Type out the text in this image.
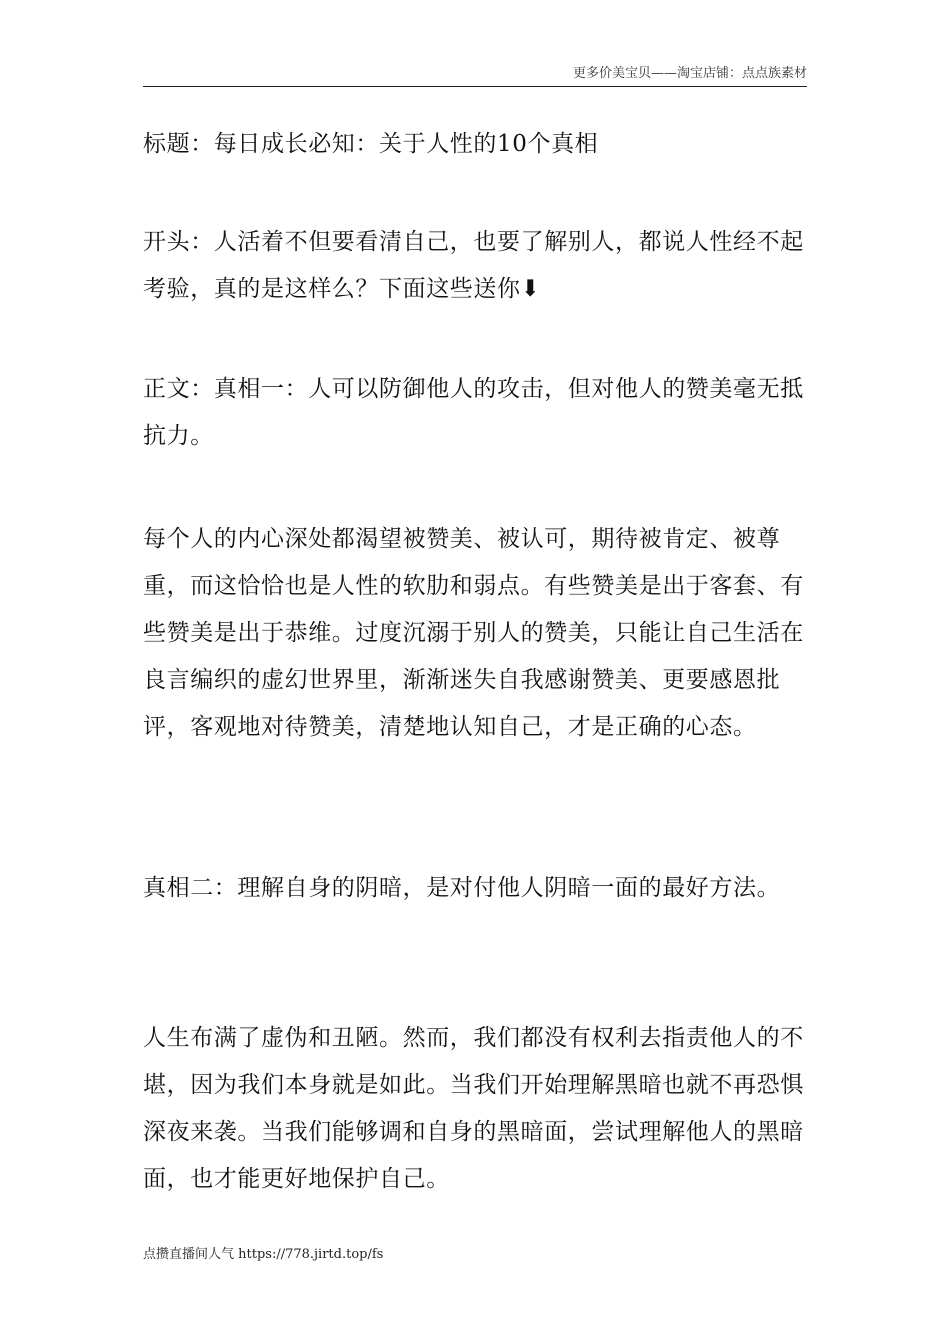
更多价美宝贝——淘宝店铺：点点族素材

标题：每日成长必知：关于人性的10个真相

开头：人活着不但要看清自己，也要了解别人，都说人性经不起考验，真的是这样么？下面这些送你⬇

正文：真相一：人可以防御他人的攻击，但对他人的赞美毫无抵抗力。

每个人的内心深处都渴望被赞美、被认可，期待被肯定、被尊重，而这恰恰也是人性的软肋和弱点。有些赞美是出于客套、有些赞美是出于恭维。过度沉溺于别人的赞美，只能让自己生活在良言编织的虚幻世界里，渐渐迷失自我感谢赞美、更要感恩批评，客观地对待赞美，清楚地认知自己，才是正确的心态。

真相二：理解自身的阴暗，是对付他人阴暗一面的最好方法。

人生布满了虚伪和丑陋。然而，我们都没有权利去指责他人的不堪，因为我们本身就是如此。当我们开始理解黑暗也就不再恐惧深夜来袭。当我们能够调和自身的黑暗面，尝试理解他人的黑暗面，也才能更好地保护自己。

点攒直播间人气 https://778.jirtd.top/fs
